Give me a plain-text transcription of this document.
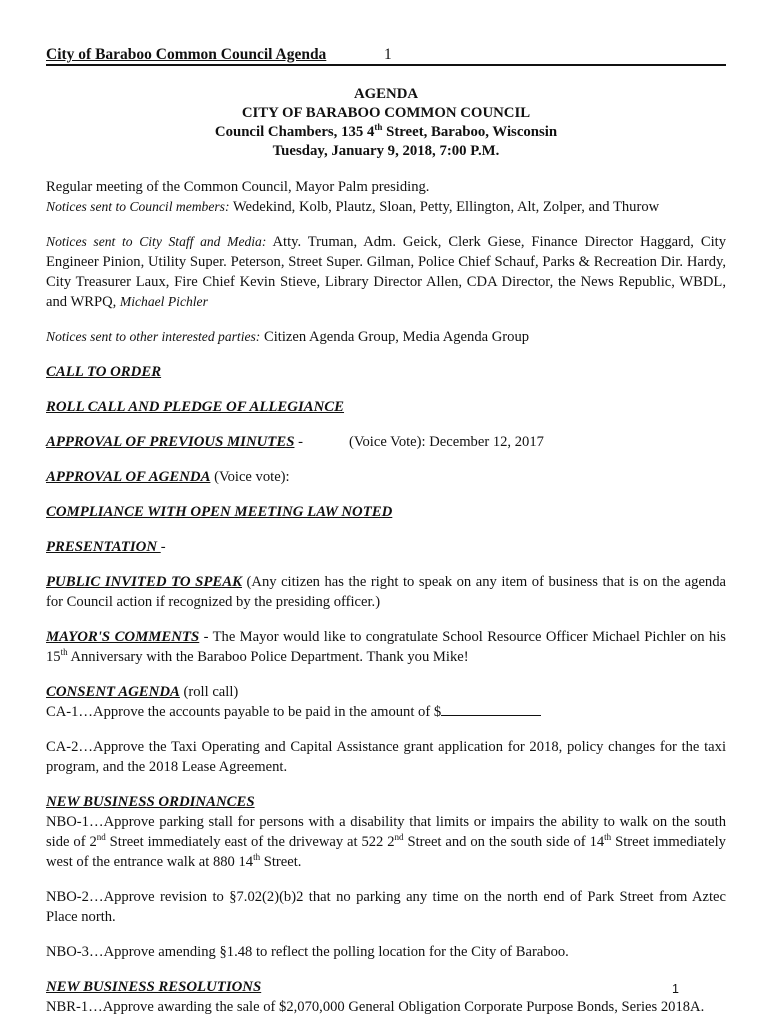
City of Baraboo Common Council Agenda	1
AGENDA
CITY OF BARABOO COMMON COUNCIL
Council Chambers, 135 4th Street, Baraboo, Wisconsin
Tuesday, January 9, 2018, 7:00 P.M.

Regular meeting of the Common Council, Mayor Palm presiding.

Notices sent to Council members: Wedekind, Kolb, Plautz, Sloan, Petty, Ellington, Alt, Zolper, and Thurow

Notices sent to City Staff and Media: Atty. Truman, Adm. Geick, Clerk Giese, Finance Director Haggard, City Engineer Pinion, Utility Super. Peterson, Street Super. Gilman, Police Chief Schauf, Parks & Recreation Dir. Hardy, City Treasurer Laux, Fire Chief Kevin Stieve, Library Director Allen, CDA Director, the News Republic, WBDL, and WRPQ, Michael Pichler

Notices sent to other interested parties: Citizen Agenda Group, Media Agenda Group

CALL TO ORDER

ROLL CALL AND PLEDGE OF ALLEGIANCE

APPROVAL OF PREVIOUS MINUTES -	(Voice Vote): December 12, 2017

APPROVAL OF AGENDA (Voice vote):

COMPLIANCE WITH OPEN MEETING LAW NOTED

PRESENTATION -

PUBLIC INVITED TO SPEAK (Any citizen has the right to speak on any item of business that is on the agenda for Council action if recognized by the presiding officer.)

MAYOR'S COMMENTS - The Mayor would like to congratulate School Resource Officer Michael Pichler on his 15th Anniversary with the Baraboo Police Department. Thank you Mike!

CONSENT AGENDA (roll call)

CA-1…Approve the accounts payable to be paid in the amount of $

CA-2…Approve the Taxi Operating and Capital Assistance grant application for 2018, policy changes for the taxi program, and the 2018 Lease Agreement.

NEW BUSINESS ORDINANCES

NBO-1…Approve parking stall for persons with a disability that limits or impairs the ability to walk on the south side of 2nd Street immediately east of the driveway at 522 2nd Street and on the south side of 14th Street immediately west of the entrance walk at 880 14th Street.

NBO-2…Approve revision to §7.02(2)(b)2 that no parking any time on the north end of Park Street from Aztec Place north.

NBO-3…Approve amending §1.48 to reflect the polling location for the City of Baraboo.

NEW BUSINESS RESOLUTIONS

NBR-1…Approve awarding the sale of $2,070,000 General Obligation Corporate Purpose Bonds, Series 2018A.

1
